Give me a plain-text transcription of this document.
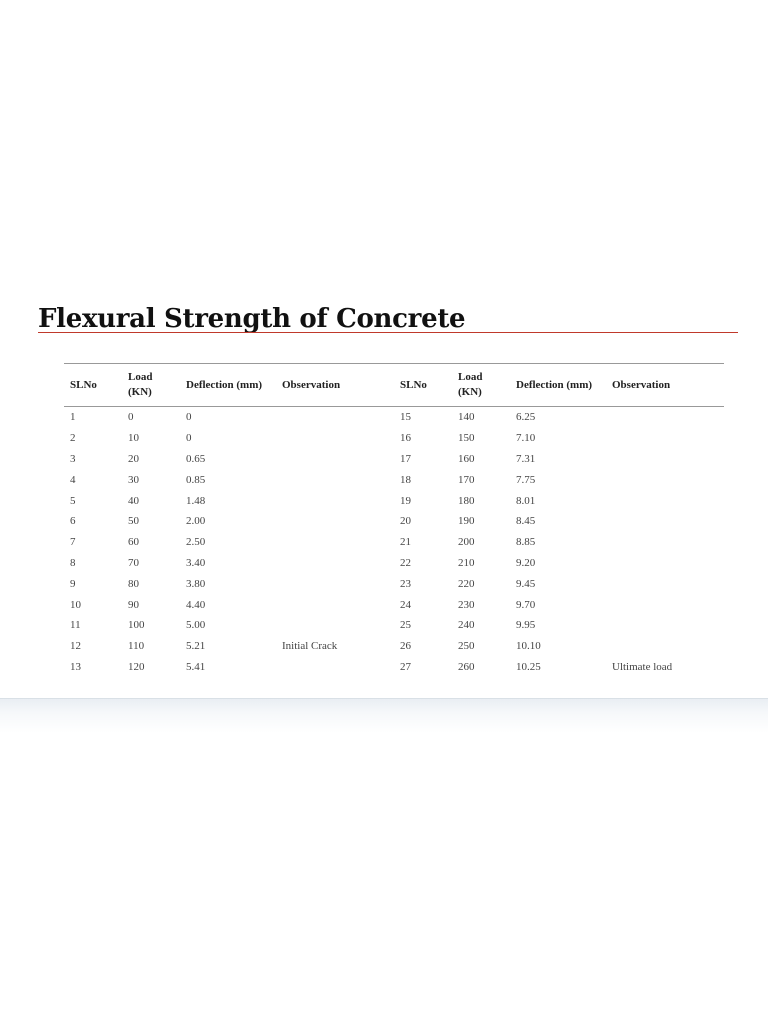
Flexural Strength of Concrete
SLNo	Load (KN)	Deflection (mm)	Observation	SLNo	Load (KN)	Deflection (mm)	Observation
1	0	0		15	140	6.25	
2	10	0		16	150	7.10	
3	20	0.65		17	160	7.31	
4	30	0.85		18	170	7.75	
5	40	1.48		19	180	8.01	
6	50	2.00		20	190	8.45	
7	60	2.50		21	200	8.85	
8	70	3.40		22	210	9.20	
9	80	3.80		23	220	9.45	
10	90	4.40		24	230	9.70	
11	100	5.00		25	240	9.95	
12	110	5.21	Initial Crack	26	250	10.10	
13	120	5.41		27	260	10.25	Ultimate load
